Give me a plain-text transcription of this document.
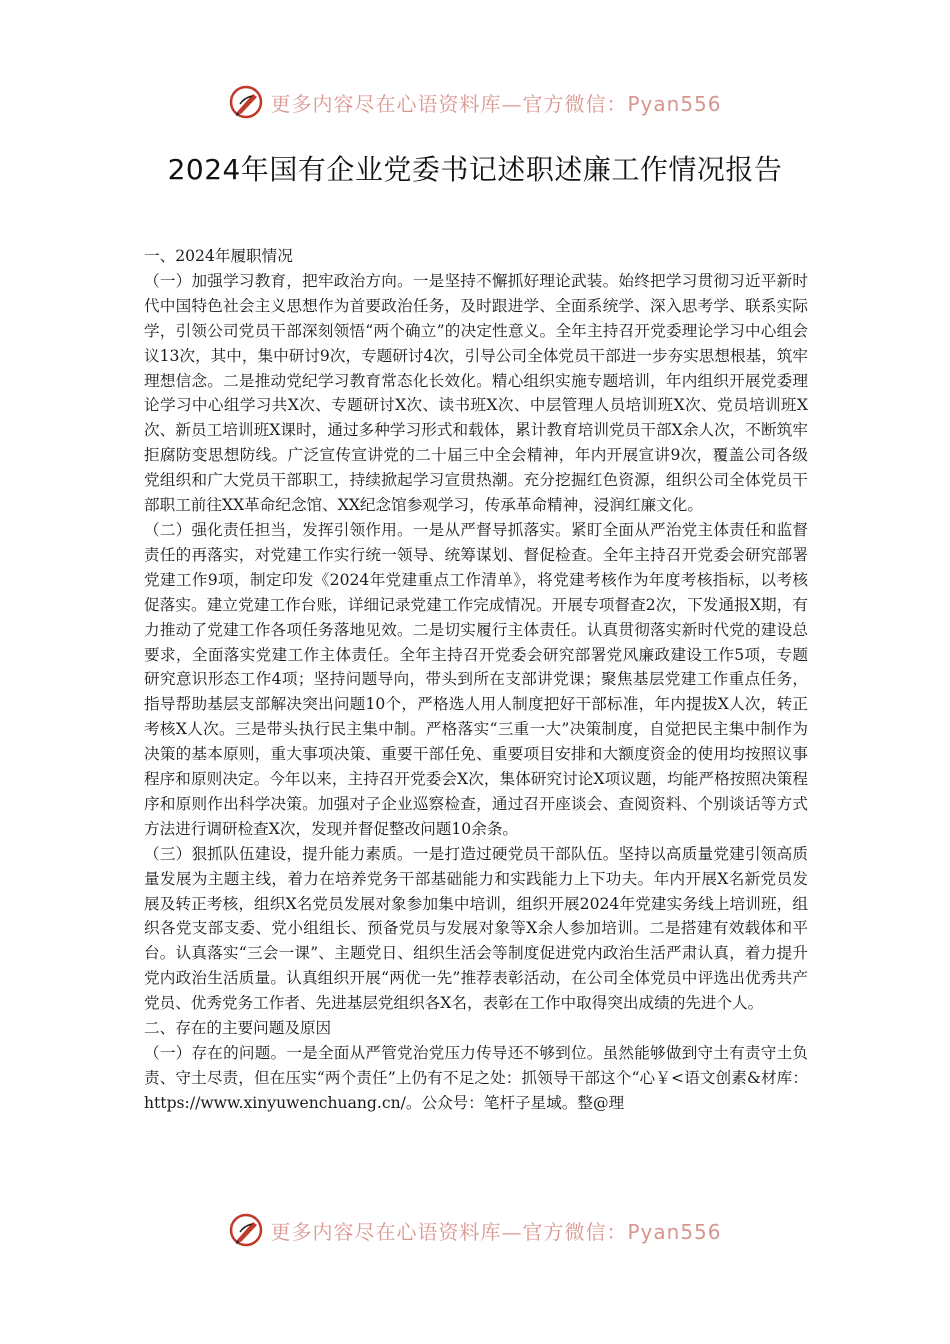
更多内容尽在心语资料库—官方微信：Pyan556
2024年国有企业党委书记述职述廉工作情况报告

一、2024年履职情况

（一）加强学习教育，把牢政治方向。一是坚持不懈抓好理论武装。始终把学习贯彻习近平新时代中国特色社会主义思想作为首要政治任务，及时跟进学、全面系统学、深入思考学、联系实际学，引领公司党员干部深刻领悟“两个确立”的决定性意义。全年主持召开党委理论学习中心组会议13次，其中，集中研讨9次，专题研讨4次，引导公司全体党员干部进一步夯实思想根基，筑牢理想信念。二是推动党纪学习教育常态化长效化。精心组织实施专题培训，年内组织开展党委理论学习中心组学习共X次、专题研讨X次、读书班X次、中层管理人员培训班X次、党员培训班X次、新员工培训班X课时，通过多种学习形式和载体，累计教育培训党员干部X余人次，不断筑牢拒腐防变思想防线。广泛宣传宣讲党的二十届三中全会精神，年内开展宣讲9次，覆盖公司各级党组织和广大党员干部职工，持续掀起学习宣贯热潮。充分挖掘红色资源，组织公司全体党员干部职工前往XX革命纪念馆、XX纪念馆参观学习，传承革命精神，浸润红廉文化。

（二）强化责任担当，发挥引领作用。一是从严督导抓落实。紧盯全面从严治党主体责任和监督责任的再落实，对党建工作实行统一领导、统筹谋划、督促检查。全年主持召开党委会研究部署党建工作9项，制定印发《2024年党建重点工作清单》，将党建考核作为年度考核指标，以考核促落实。建立党建工作台账，详细记录党建工作完成情况。开展专项督查2次，下发通报X期，有力推动了党建工作各项任务落地见效。二是切实履行主体责任。认真贯彻落实新时代党的建设总要求，全面落实党建工作主体责任。全年主持召开党委会研究部署党风廉政建设工作5项，专题研究意识形态工作4项；坚持问题导向，带头到所在支部讲党课；聚焦基层党建工作重点任务，指导帮助基层支部解决突出问题10个，严格选人用人制度把好干部标准，年内提拔X人次，转正考核X人次。三是带头执行民主集中制。严格落实“三重一大”决策制度，自觉把民主集中制作为决策的基本原则，重大事项决策、重要干部任免、重要项目安排和大额度资金的使用均按照议事程序和原则决定。今年以来，主持召开党委会X次，集体研究讨论X项议题，均能严格按照决策程序和原则作出科学决策。加强对子企业巡察检查，通过召开座谈会、查阅资料、个别谈话等方式方法进行调研检查X次，发现并督促整改问题10余条。

（三）狠抓队伍建设，提升能力素质。一是打造过硬党员干部队伍。坚持以高质量党建引领高质量发展为主题主线，着力在培养党务干部基础能力和实践能力上下功夫。年内开展X名新党员发展及转正考核，组织X名党员发展对象参加集中培训，组织开展2024年党建实务线上培训班，组织各党支部支委、党小组组长、预备党员与发展对象等X余人参加培训。二是搭建有效载体和平台。认真落实“三会一课”、主题党日、组织生活会等制度促进党内政治生活严肃认真，着力提升党内政治生活质量。认真组织开展“两优一先”推荐表彰活动，在公司全体党员中评选出优秀共产党员、优秀党务工作者、先进基层党组织各X名，表彰在工作中取得突出成绩的先进个人。

二、存在的主要问题及原因

（一）存在的问题。一是全面从严管党治党压力传导还不够到位。虽然能够做到守土有责守土负责、守土尽责，但在压实“两个责任”上仍有不足之处：抓领导干部这个“心￥<语文创素&材库：https://www.xinyuwenchuang.cn/。公众号：笔杆子星域。整@理

更多内容尽在心语资料库—官方微信：Pyan556
